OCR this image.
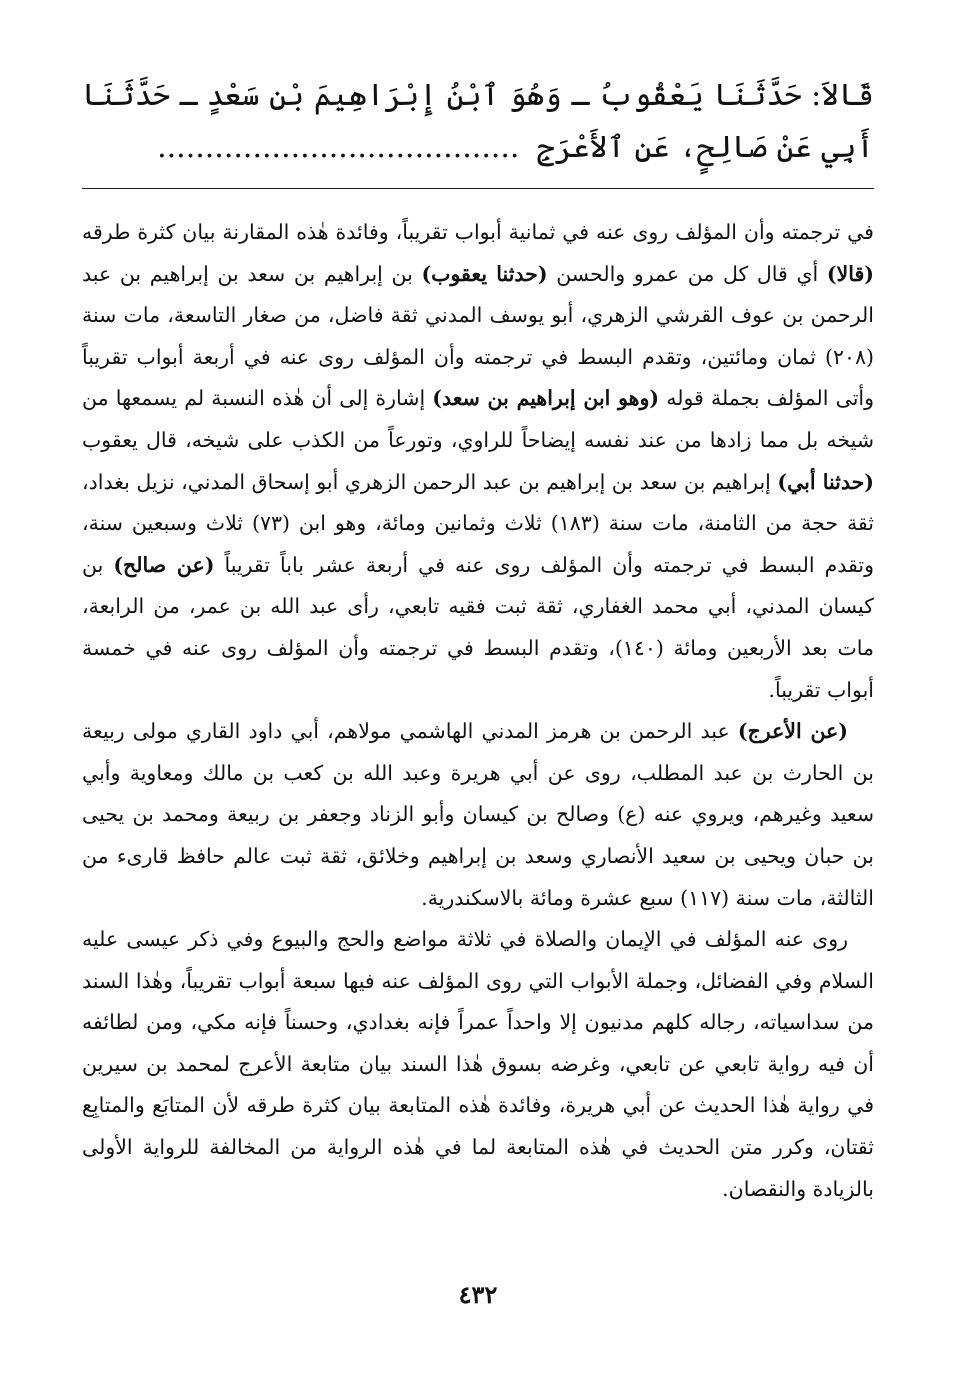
قَالاَ: حَدَّثَنَا يَعْقُوبُ ـ وَهُوَ ٱبْنُ إِبْرَاهِيمَ بْنِ سَعْدٍ ـ حَدَّثَنَا أَبِي عَنْ صَالِحٍ، عَنِ ٱلأَعْرَجِ ......................................

في ترجمته وأن المؤلف روى عنه في ثمانية أبواب تقريباً، وفائدة هٰذه المقارنة بيان كثرة طرقه (قالا) أي قال كل من عمرو والحسن (حدثنا يعقوب) بن إبراهيم بن سعد بن إبراهيم بن عبد الرحمن بن عوف القرشي الزهري، أبو يوسف المدني ثقة فاضل، من صغار التاسعة، مات سنة (٢٠٨) ثمان ومائتين، وتقدم البسط في ترجمته وأن المؤلف روى عنه في أربعة أبواب تقريباً وأتى المؤلف بجملة قوله (وهو ابن إبراهيم بن سعد) إشارة إلى أن هٰذه النسبة لم يسمعها من شيخه بل مما زادها من عند نفسه إيضاحاً للراوي، وتورعاً من الكذب على شيخه، قال يعقوب (حدثنا أبي) إبراهيم بن سعد بن إبراهيم بن عبد الرحمن الزهري أبو إسحاق المدني، نزيل بغداد، ثقة حجة من الثامنة، مات سنة (١٨٣) ثلاث وثمانين ومائة، وهو ابن (٧٣) ثلاث وسبعين سنة، وتقدم البسط في ترجمته وأن المؤلف روى عنه في أربعة عشر باباً تقريباً (عن صالح) بن كيسان المدني، أبي محمد الغفاري، ثقة ثبت فقيه تابعي، رأى عبد الله بن عمر، من الرابعة، مات بعد الأربعين ومائة (١٤٠)، وتقدم البسط في ترجمته وأن المؤلف روى عنه في خمسة أبواب تقريباً.

(عن الأعرج) عبد الرحمن بن هرمز المدني الهاشمي مولاهم، أبي داود القاري مولى ربيعة بن الحارث بن عبد المطلب، روى عن أبي هريرة وعبد الله بن كعب بن مالك ومعاوية وأبي سعيد وغيرهم، ويروي عنه (ع) وصالح بن كيسان وأبو الزناد وجعفر بن ربيعة ومحمد بن يحيى بن حبان ويحيى بن سعيد الأنصاري وسعد بن إبراهيم وخلائق، ثقة ثبت عالم حافظ قارىء من الثالثة، مات سنة (١١٧) سبع عشرة ومائة بالاسكندرية.

روى عنه المؤلف في الإيمان والصلاة في ثلاثة مواضع والحج والبيوع وفي ذكر عيسى عليه السلام وفي الفضائل، وجملة الأبواب التي روى المؤلف عنه فيها سبعة أبواب تقريباً، وهٰذا السند من سداسياته، رجاله كلهم مدنيون إلا واحداً عمراً فإنه بغدادي، وحسناً فإنه مكي، ومن لطائفه أن فيه رواية تابعي عن تابعي، وغرضه بسوق هٰذا السند بيان متابعة الأعرج لمحمد بن سيرين في رواية هٰذا الحديث عن أبي هريرة، وفائدة هٰذه المتابعة بيان كثرة طرقه لأن المتابَع والمتابِع ثقتان، وكرر متن الحديث في هٰذه المتابعة لما في هٰذه الرواية من المخالفة للرواية الأولى بالزيادة والنقصان.

٤٣٢
